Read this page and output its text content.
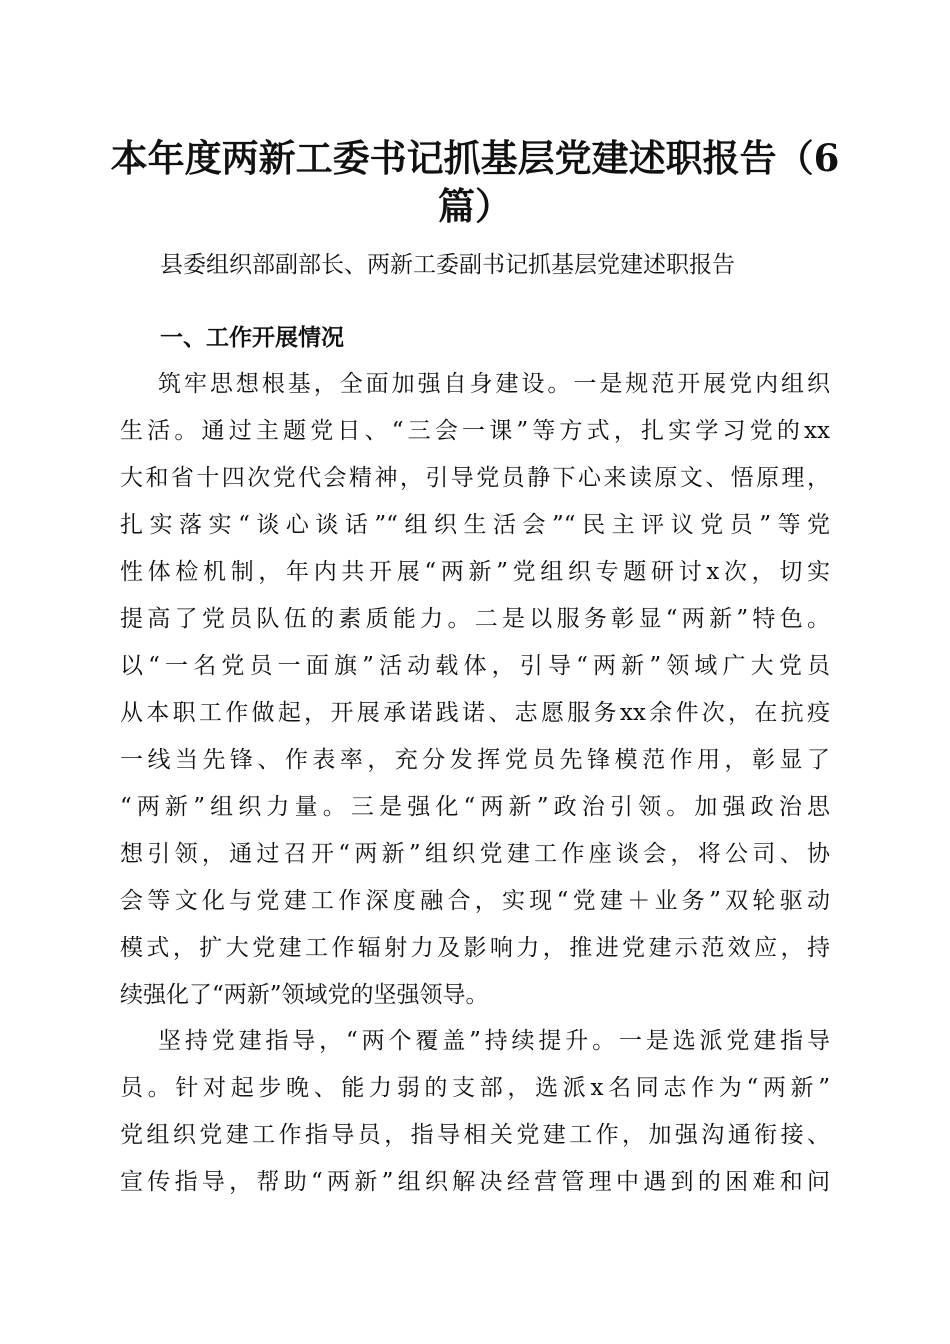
本年度两新工委书记抓基层党建述职报告（6
篇）
县委组织部副部长、两新工委副书记抓基层党建述职报告
一、工作开展情况
筑牢思想根基，全面加强自身建设。一是规范开展党内组织
生活。通过主题党日、“三会一课”等方式，扎实学习党的xx
大和省十四次党代会精神，引导党员静下心来读原文、悟原理，
扎实落实“谈心谈话”“组织生活会”“民主评议党员”等党
性体检机制，年内共开展“两新”党组织专题研讨x次，切实
提高了党员队伍的素质能力。二是以服务彰显“两新”特色。
以“一名党员一面旗”活动载体，引导“两新”领域广大党员
从本职工作做起，开展承诺践诺、志愿服务xx余件次，在抗疫
一线当先锋、作表率，充分发挥党员先锋模范作用，彰显了
“两新”组织力量。三是强化“两新”政治引领。加强政治思
想引领，通过召开“两新”组织党建工作座谈会，将公司、协
会等文化与党建工作深度融合，实现“党建＋业务”双轮驱动
模式，扩大党建工作辐射力及影响力，推进党建示范效应，持
续强化了“两新”领域党的坚强领导。
坚持党建指导，“两个覆盖”持续提升。一是选派党建指导
员。针对起步晚、能力弱的支部，选派x名同志作为“两新”
党组织党建工作指导员，指导相关党建工作，加强沟通衔接、
宣传指导，帮助“两新”组织解决经营管理中遇到的困难和问
